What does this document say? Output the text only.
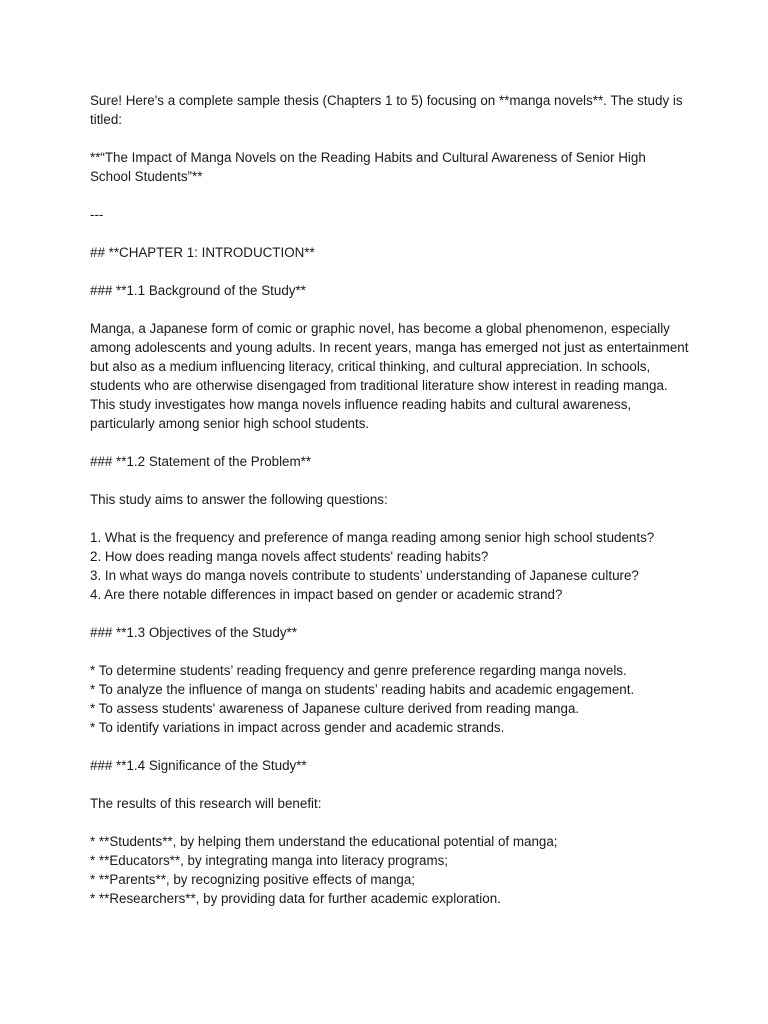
Sure! Here's a complete sample thesis (Chapters 1 to 5) focusing on **manga novels**. The study is titled:

**“The Impact of Manga Novels on the Reading Habits and Cultural Awareness of Senior High School Students”**

---

## **CHAPTER 1: INTRODUCTION**

### **1.1 Background of the Study**

Manga, a Japanese form of comic or graphic novel, has become a global phenomenon, especially among adolescents and young adults. In recent years, manga has emerged not just as entertainment but also as a medium influencing literacy, critical thinking, and cultural appreciation. In schools, students who are otherwise disengaged from traditional literature show interest in reading manga. This study investigates how manga novels influence reading habits and cultural awareness, particularly among senior high school students.

### **1.2 Statement of the Problem**

This study aims to answer the following questions:

1. What is the frequency and preference of manga reading among senior high school students?
2. How does reading manga novels affect students' reading habits?
3. In what ways do manga novels contribute to students’ understanding of Japanese culture?
4. Are there notable differences in impact based on gender or academic strand?

### **1.3 Objectives of the Study**

* To determine students’ reading frequency and genre preference regarding manga novels.
* To analyze the influence of manga on students’ reading habits and academic engagement.
* To assess students' awareness of Japanese culture derived from reading manga.
* To identify variations in impact across gender and academic strands.

### **1.4 Significance of the Study**

The results of this research will benefit:

* **Students**, by helping them understand the educational potential of manga;
* **Educators**, by integrating manga into literacy programs;
* **Parents**, by recognizing positive effects of manga;
* **Researchers**, by providing data for further academic exploration.
